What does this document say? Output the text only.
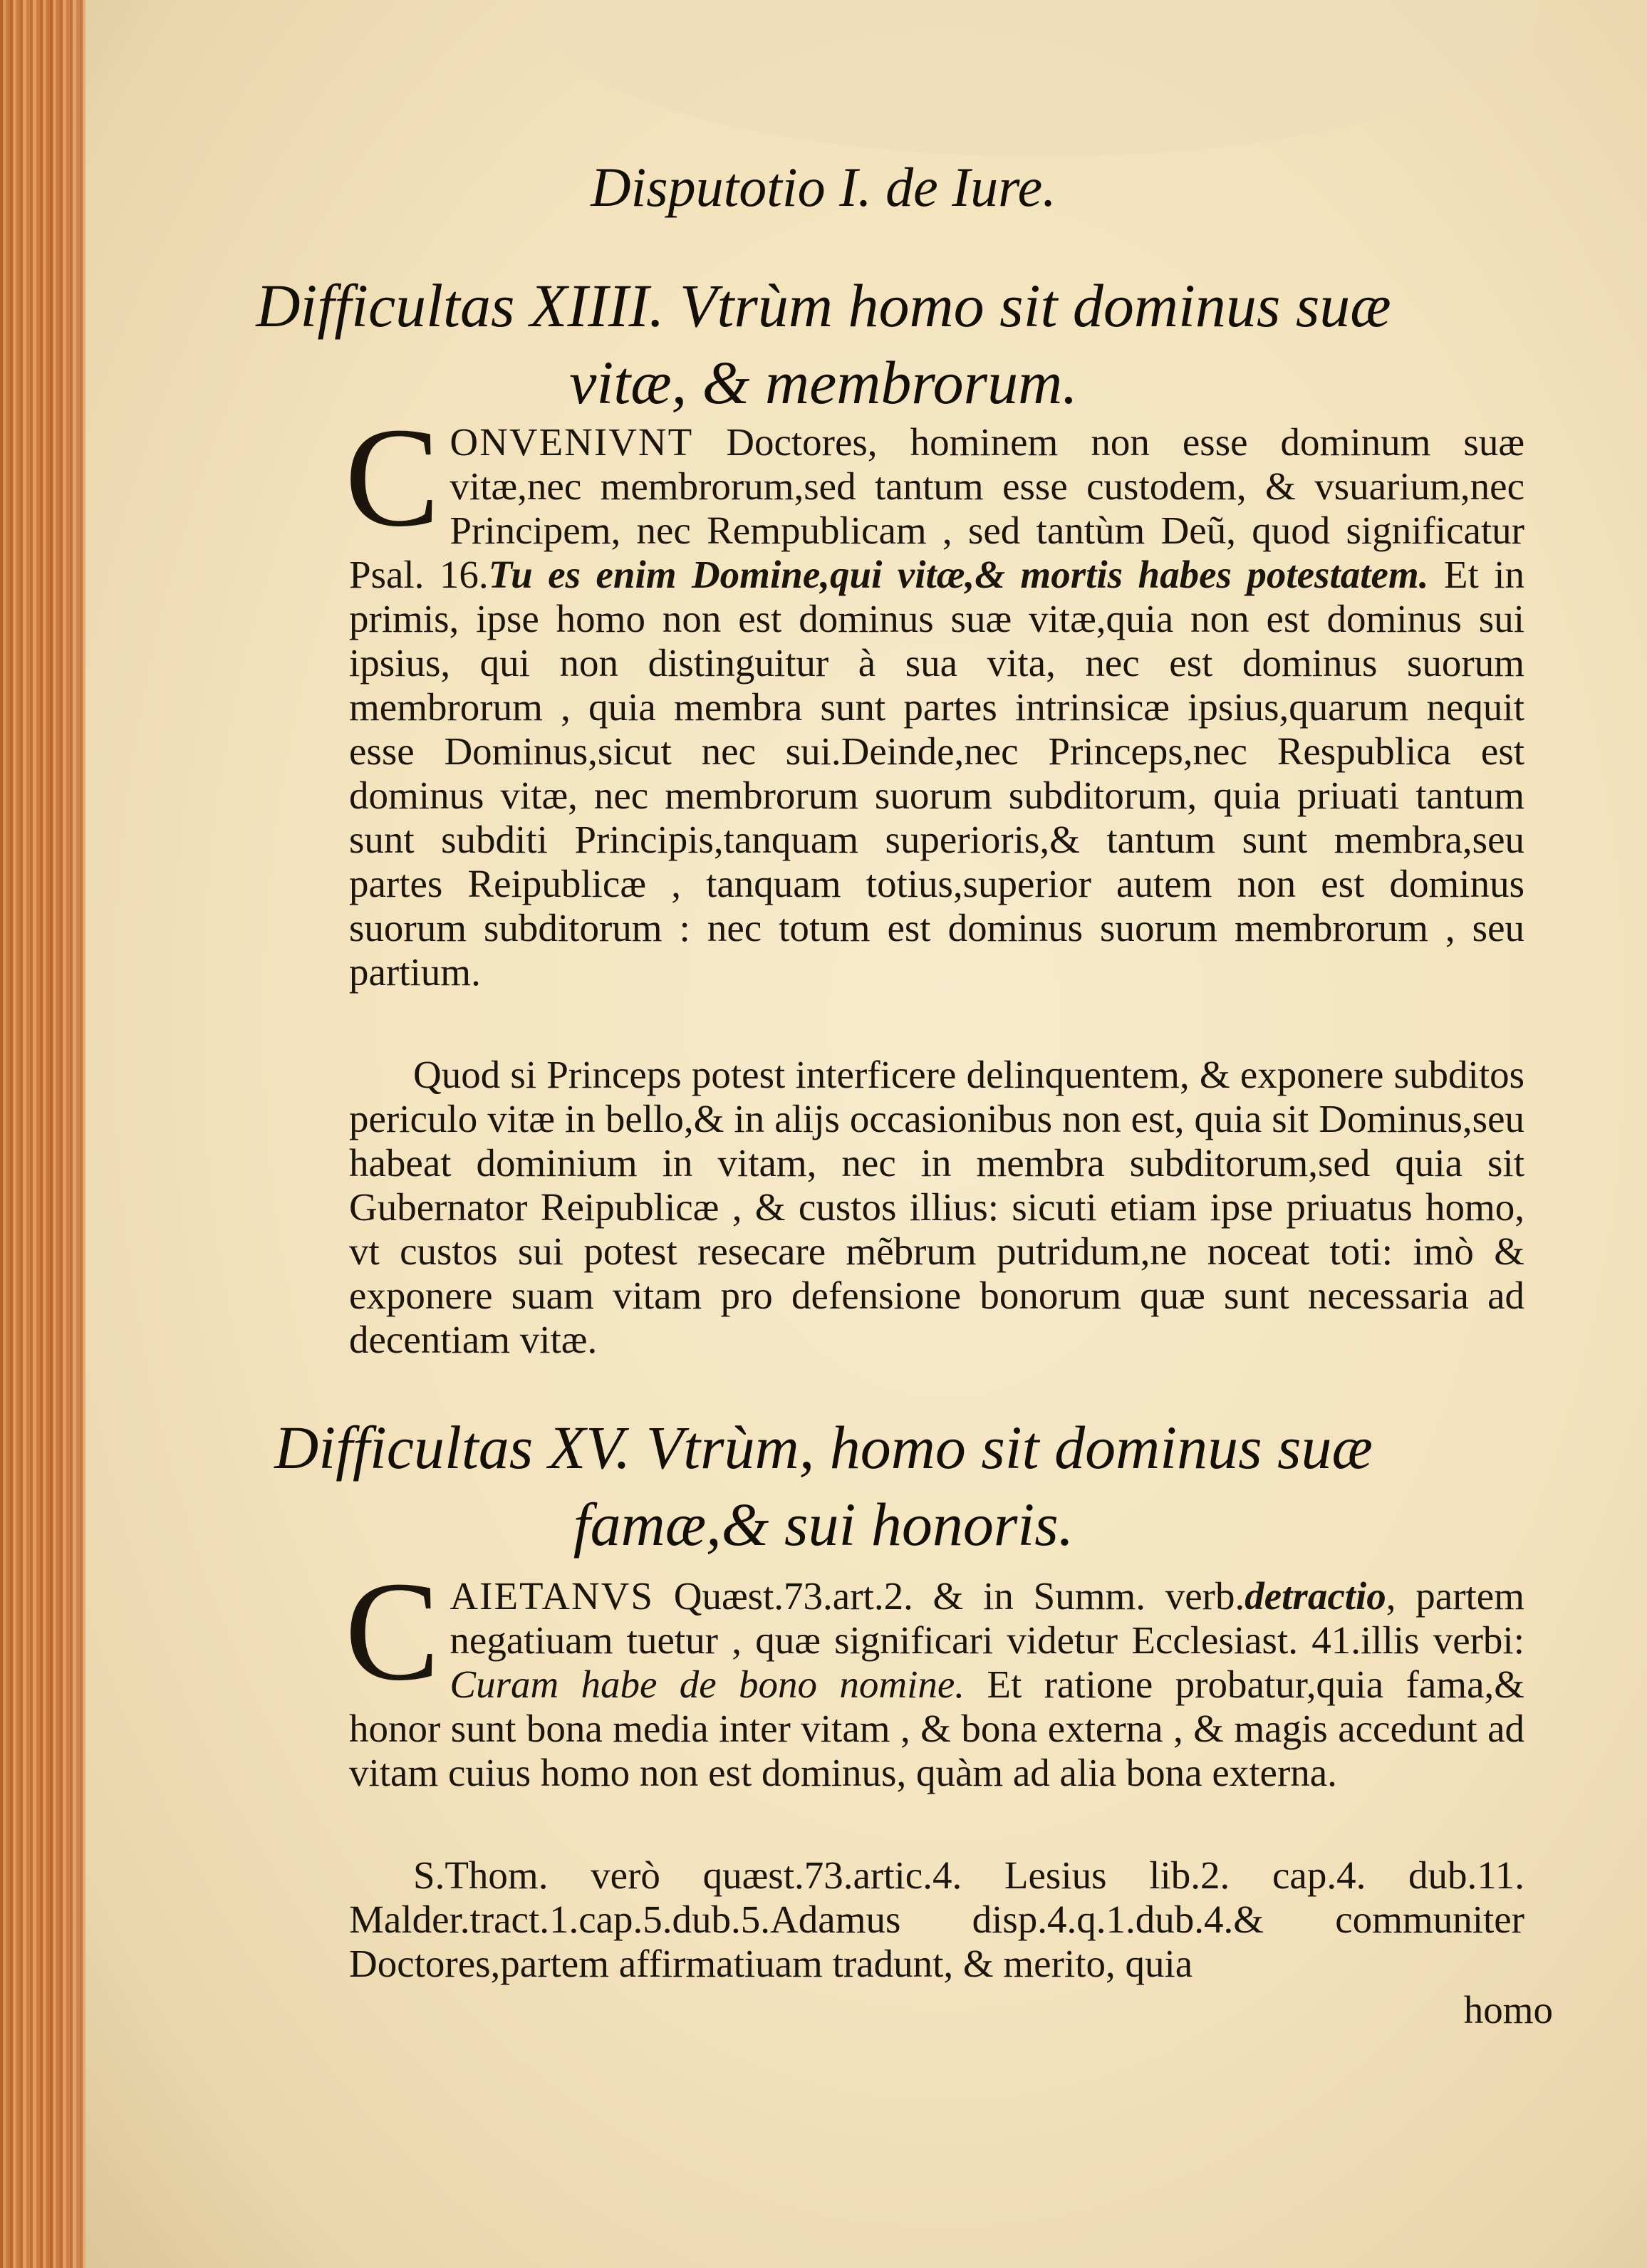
Disputotio I. de Iure.
Difficultas XIIII. Vtrùm homo sit dominus suæ
vitæ, & membrorum.
CONVENIVNT Doctores, hominem non esse dominum suæ vitæ,nec membrorum,sed tantum esse custodem, & vsuarium,nec Principem, nec Rempublicam , sed tantùm Deũ, quod significatur Psal. 16.Tu es enim Domine,qui vitæ,& mortis habes potestatem. Et in primis, ipse homo non est dominus suæ vitæ,quia non est dominus sui ipsius, qui non distinguitur à sua vita, nec est dominus suorum membrorum , quia membra sunt partes intrinsicæ ipsius,quarum nequit esse Dominus,sicut nec sui.Deinde,nec Princeps,nec Respublica est dominus vitæ, nec membrorum suorum subditorum, quia priuati tantum sunt subditi Principis,tanquam superioris,& tantum sunt membra,seu partes Reipublicæ , tanquam totius,superior autem non est dominus suorum subditorum : nec totum est dominus suorum membrorum , seu partium.
Quod si Princeps potest interficere delinquentem, & exponere subditos periculo vitæ in bello,& in alijs occasionibus non est, quia sit Dominus,seu habeat dominium in vitam, nec in membra subditorum,sed quia sit Gubernator Reipublicæ , & custos illius: sicuti etiam ipse priuatus homo, vt custos sui potest resecare mẽbrum putridum,ne noceat toti: imò & exponere suam vitam pro defensione bonorum quæ sunt necessaria ad decentiam vitæ.
Difficultas XV. Vtrùm, homo sit dominus suæ
famæ,& sui honoris.
CAIETANVS Quæst.73.art.2. & in Summ. verb.detractio, partem negatiuam tuetur , quæ significari videtur Ecclesiast. 41.illis verbi: Curam habe de bono nomine. Et ratione probatur,quia fama,& honor sunt bona media inter vitam , & bona externa , & magis accedunt ad vitam cuius homo non est dominus, quàm ad alia bona externa.
S.Thom. verò quæst.73.artic.4. Lesius lib.2. cap.4. dub.11. Malder.tract.1.cap.5.dub.5.Adamus disp.4.q.1.dub.4.& communiter Doctores,partem affirmatiuam tradunt, & merito, quia
homo
